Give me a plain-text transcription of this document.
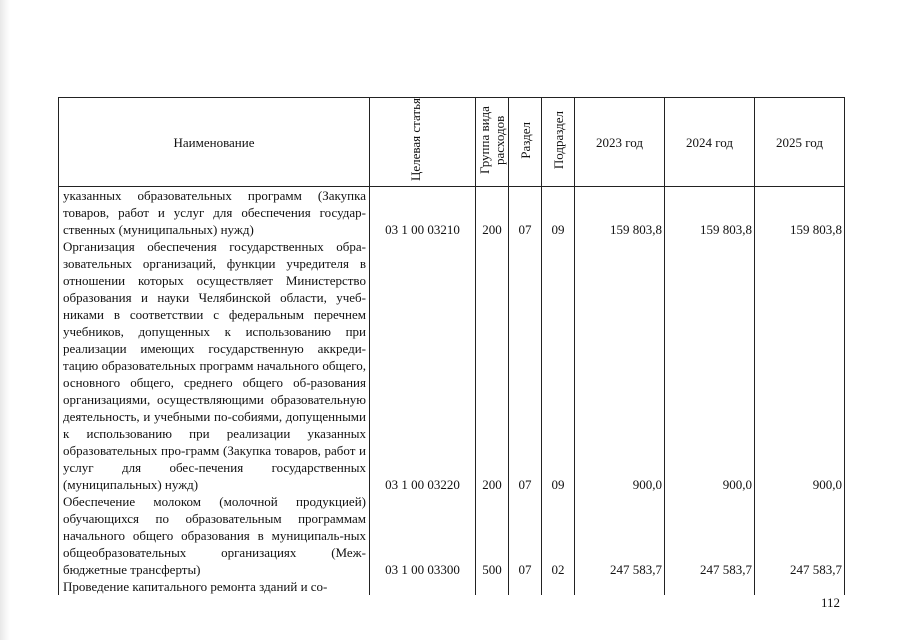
Наименование	Целевая статья	Группа вида расходов	Раздел	Подраздел	2023 год	2024 год	2025 год
указанных образовательных программ (Закупка товаров, работ и услуг для обеспечения государ-ственных (муниципальных) нужд)	03 1 00 03210	200	07	09	159 803,8	159 803,8	159 803,8
Организация обеспечения государственных обра-зовательных организаций, функции учредителя в отношении которых осуществляет Министерство образования и науки Челябинской области, учеб-никами в соответствии с федеральным перечнем учебников, допущенных к использованию при реализации имеющих государственную аккреди-тацию образовательных программ начального общего, основного общего, среднего общего об-разования организациями, осуществляющими образовательную деятельность, и учебными по-собиями, допущенными к использованию при реализации указанных образовательных про-грамм (Закупка товаров, работ и услуг для обес-печения государственных (муниципальных) нужд)	03 1 00 03220	200	07	09	900,0	900,0	900,0
Обеспечение молоком (молочной продукцией) обучающихся по образовательным программам начального общего образования в муниципаль-ных общеобразовательных организациях (Меж-бюджетные трансферты)	03 1 00 03300	500	07	02	247 583,7	247 583,7	247 583,7
Проведение капитального ремонта зданий и со-							
112
